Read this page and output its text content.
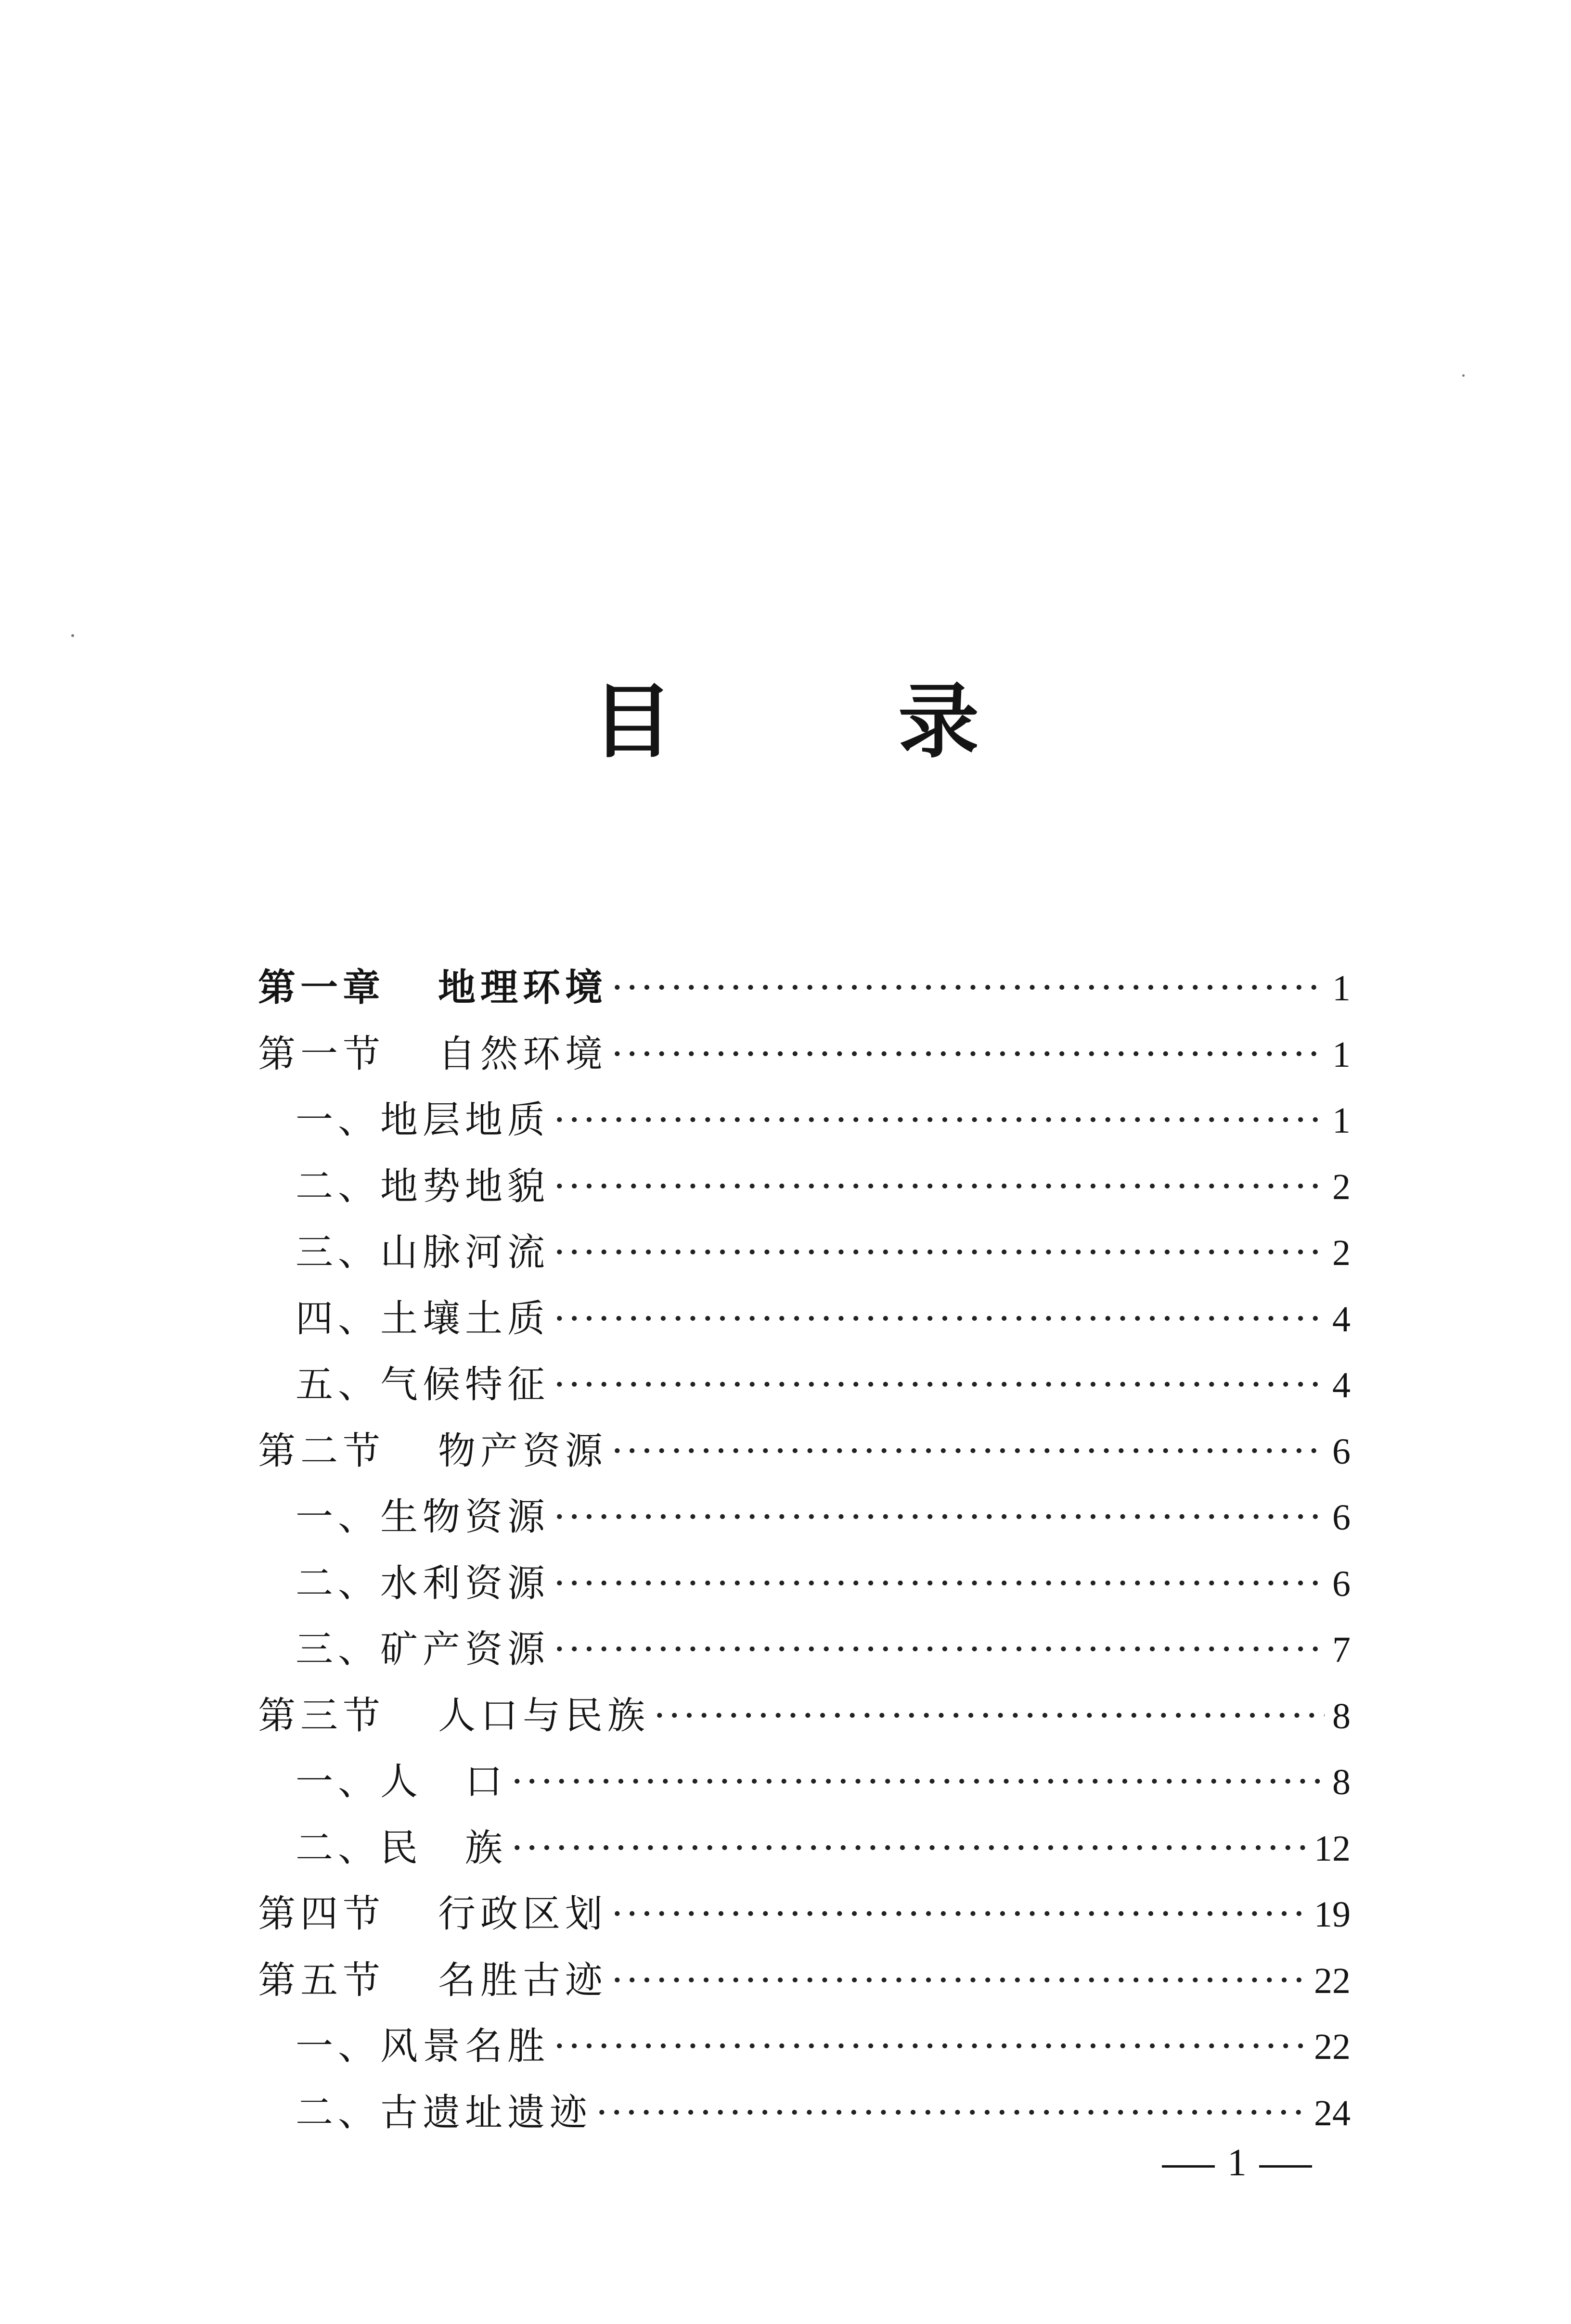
目　录
第一章 地理环境 ·····	1
第一节 自然环境 ·····	1
一、地层地质 ·····	1
二、地势地貌 ·····	2
三、山脉河流 ·····	2
四、土壤土质 ·····	4
五、气候特征 ·····	4
第二节 物产资源 ·····	6
一、生物资源 ·····	6
二、水利资源 ·····	6
三、矿产资源 ·····	7
第三节 人口与民族 ·····	8
一、人　口 ·····	8
二、民　族 ·····	12
第四节 行政区划 ·····	19
第五节 名胜古迹 ·····	22
一、风景名胜 ·····	22
二、古遗址遗迹 ·····	24
1
